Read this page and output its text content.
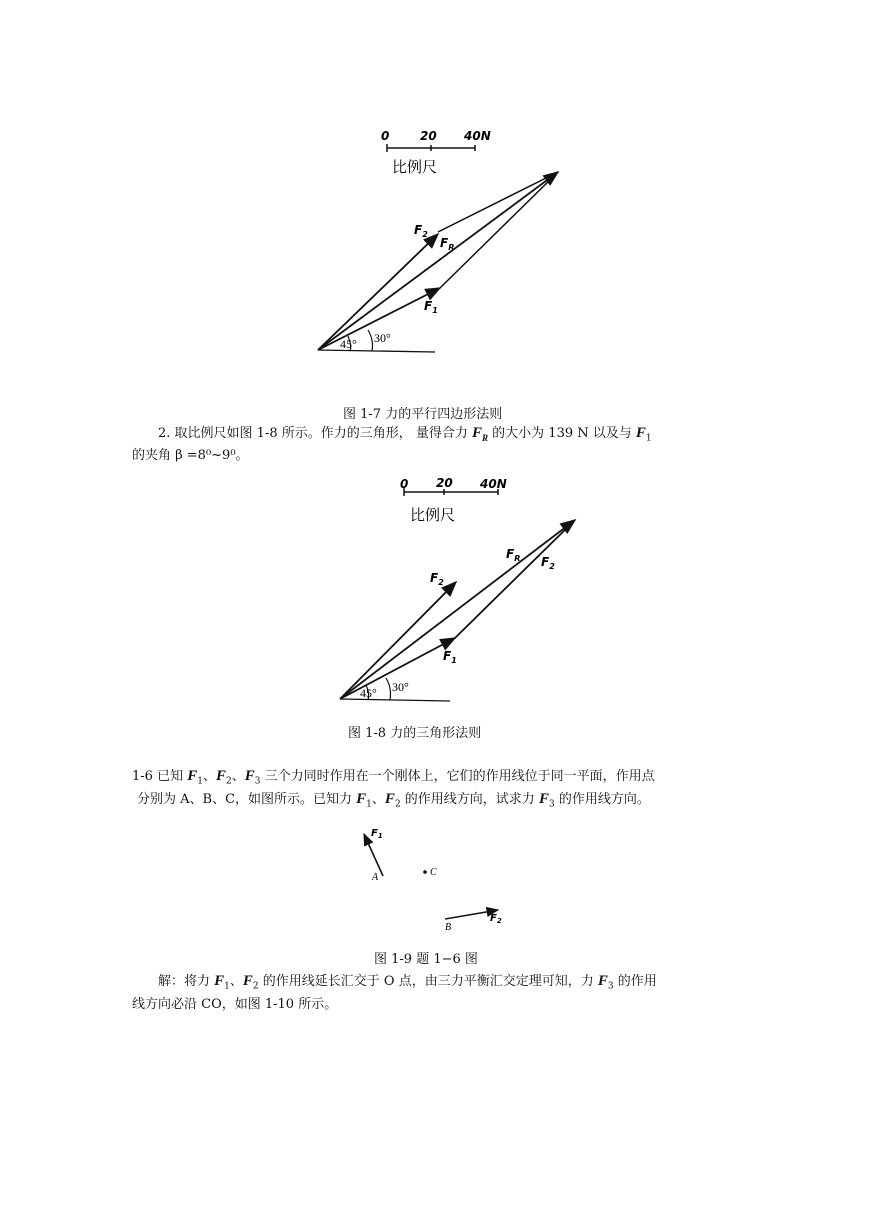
0	20 40N
比例尺
45° 30°
$F_2$
$F_R$
$F_1$
图 1-7 力的平行四边形法则
2. 取比例尺如图 1-8 所示。作力的三角形， 量得合力 $F_R$ 的大小为 139 N 以及与 $F_1$
的夹角 β =8⁰~9⁰。
0 20 40N
比例尺
45° 30°
$F_2$
$F_R$ $F_2$
$F_1$
图 1-8 力的三角形法则
1-6 已知 $F_1$、$F_2$、$F_3$ 三个力同时作用在一个刚体上，它们的作用线位于同一平面，作用点
分别为 A、B、C，如图所示。已知力 $F_1$、$F_2$ 的作用线方向，试求力 $F_3$ 的作用线方向。
$F_1$
A	C
B
$F_2$
图 1-9 题 1−6 图
解：将力 $F_1$、$F_2$ 的作用线延长汇交于 O 点，由三力平衡汇交定理可知，力 $F_3$ 的作用
线方向必沿 CO，如图 1-10 所示。
